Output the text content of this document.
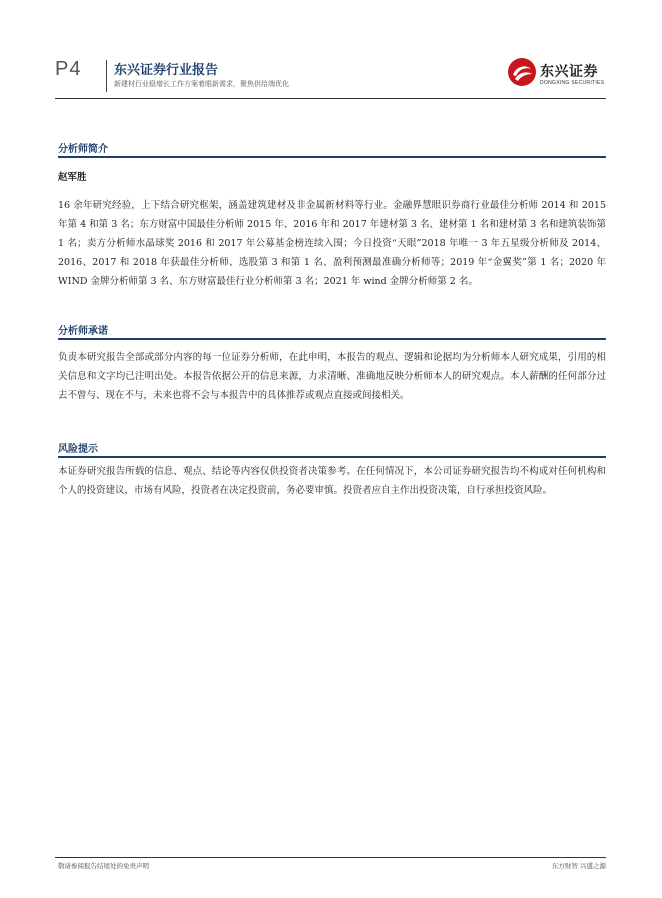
P4	东兴证券行业报告
新建材行业稳增长工作方案着眼新需求，聚焦供给端优化
东兴证券
DONGXING SECURITIES
分析师简介
赵军胜

16 余年研究经验，上下结合研究框架，涵盖建筑建材及非金属新材料等行业。金融界慧眼识券商行业最佳分析师 2014 和 2015 年第 4 和第 3 名；东方财富中国最佳分析师 2015 年、2016 年和 2017 年建材第 3 名、建材第 1 名和建材第 3 名和建筑装饰第 1 名；卖方分析师水晶球奖 2016 和 2017 年公募基金榜连续入围；今日投资“天眼”2018 年唯一 3 年五星级分析师及 2014、2016、2017 和 2018 年获最佳分析师、选股第 3 和第 1 名、盈利预测最准确分析师等；2019 年“金翼奖”第 1 名；2020 年 WIND 金牌分析师第 3 名、东方财富最佳行业分析师第 3 名；2021 年 wind 金牌分析师第 2 名。

分析师承诺

负责本研究报告全部或部分内容的每一位证券分析师，在此申明，本报告的观点、逻辑和论据均为分析师本人研究成果，引用的相关信息和文字均已注明出处。本报告依据公开的信息来源，力求清晰、准确地反映分析师本人的研究观点。本人薪酬的任何部分过去不曾与、现在不与，未来也将不会与本报告中的具体推荐或观点直接或间接相关。

风险提示

本证券研究报告所载的信息、观点、结论等内容仅供投资者决策参考。在任何情况下，本公司证券研究报告均不构成对任何机构和个人的投资建议，市场有风险，投资者在决定投资前，务必要审慎。投资者应自主作出投资决策，自行承担投资风险。

敬请参阅报告结尾处的免责声明	东方财智 兴盛之源
